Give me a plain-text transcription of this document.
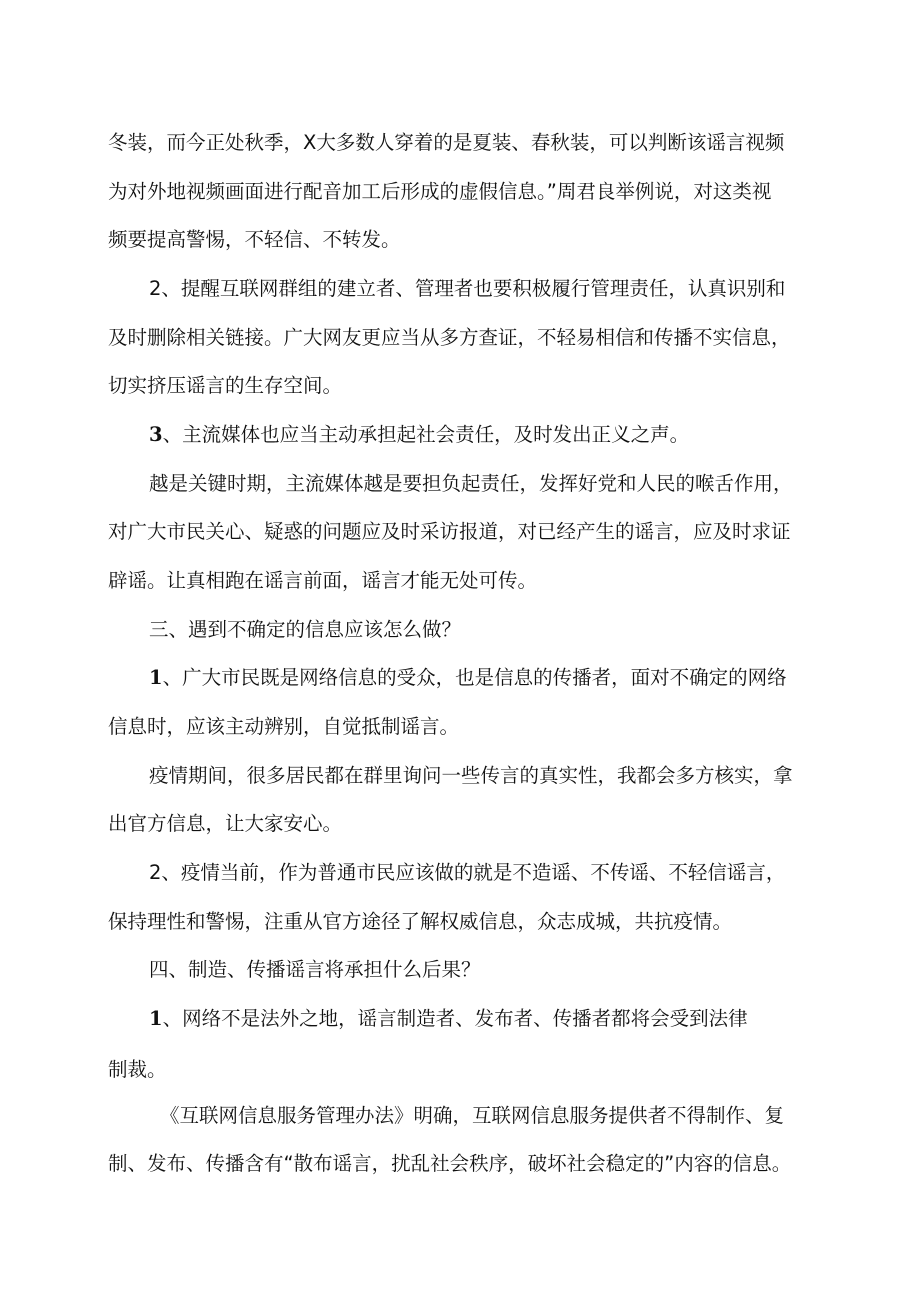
冬装，而今正处秋季，X大多数人穿着的是夏装、春秋装，可以判断该谣言视频

为对外地视频画面进行配音加工后形成的虚假信息。”周君良举例说，对这类视

频要提高警惕，不轻信、不转发。

2、提醒互联网群组的建立者、管理者也要积极履行管理责任，认真识别和

及时删除相关链接。广大网友更应当从多方查证，不轻易相信和传播不实信息，

切实挤压谣言的生存空间。

3、主流媒体也应当主动承担起社会责任，及时发出正义之声。

越是关键时期，主流媒体越是要担负起责任，发挥好党和人民的喉舌作用，

对广大市民关心、疑惑的问题应及时采访报道，对已经产生的谣言，应及时求证

辟谣。让真相跑在谣言前面，谣言才能无处可传。

三、遇到不确定的信息应该怎么做？

1、广大市民既是网络信息的受众，也是信息的传播者，面对不确定的网络

信息时，应该主动辨别，自觉抵制谣言。

疫情期间，很多居民都在群里询问一些传言的真实性，我都会多方核实，拿

出官方信息，让大家安心。

2、疫情当前，作为普通市民应该做的就是不造谣、不传谣、不轻信谣言，

保持理性和警惕，注重从官方途径了解权威信息，众志成城，共抗疫情。

四、制造、传播谣言将承担什么后果？

1、网络不是法外之地，谣言制造者、发布者、传播者都将会受到法律

制裁。

《互联网信息服务管理办法》明确，互联网信息服务提供者不得制作、复

制、发布、传播含有“散布谣言，扰乱社会秩序，破坏社会稳定的”内容的信息。
